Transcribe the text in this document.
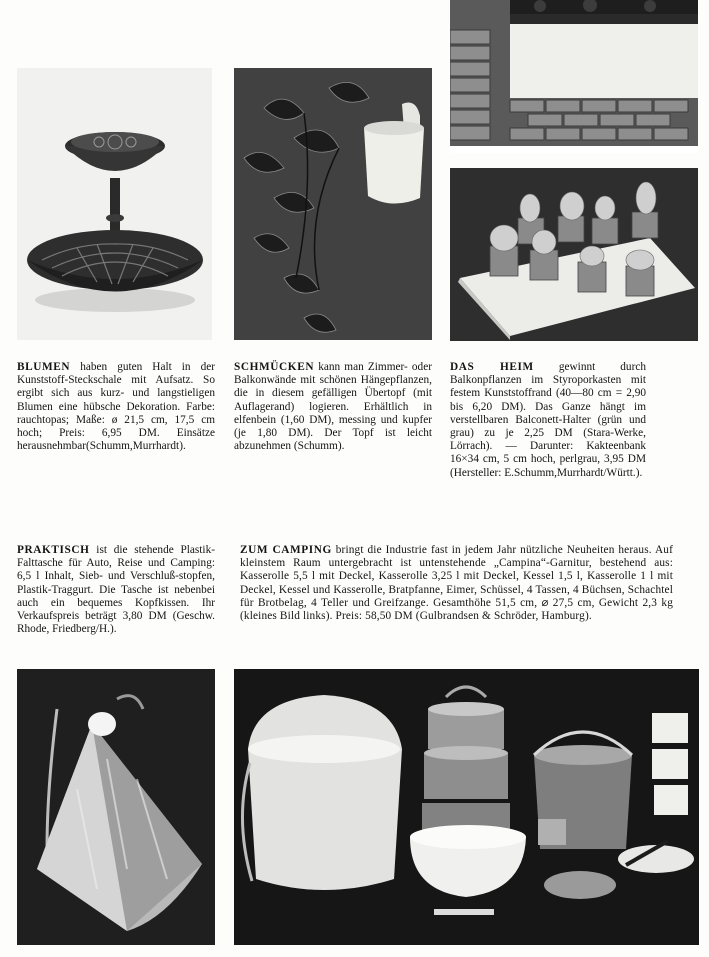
BLUMEN haben guten Halt in der Kunststoff-Steckschale mit Aufsatz. So ergibt sich aus kurz- und langstieligen Blumen eine hübsche Dekoration. Farbe: rauchtopas; Maße: ø 21,5 cm, 17,5 cm hoch; Preis: 6,95 DM. Einsätze herausnehmbar(Schumm,Murrhardt).

SCHMÜCKEN kann man Zimmer- oder Balkonwände mit schönen Hängepflanzen, die in diesem gefälligen Übertopf (mit Auflagerand) logieren. Erhältlich in elfenbein (1,60 DM), messing und kupfer (je 1,80 DM). Der Topf ist leicht abzunehmen (Schumm).

DAS HEIM gewinnt durch Balkonpflanzen im Styroporkasten mit festem Kunststoffrand (40—80 cm = 2,90 bis 6,20 DM). Das Ganze hängt im verstellbaren Balconett-Halter (grün und grau) zu je 2,25 DM (Stara-Werke, Lörrach). — Darunter: Kakteenbank 16×34 cm, 5 cm hoch, perlgrau, 3,95 DM (Hersteller: E.Schumm,Murrhardt/Württ.).

PRAKTISCH ist die stehende Plastik-Falttasche für Auto, Reise und Camping: 6,5 l Inhalt, Sieb- und Verschluß-stopfen, Plastik-Traggurt. Die Tasche ist nebenbei auch ein bequemes Kopfkissen. Ihr Verkaufspreis beträgt 3,80 DM (Geschw. Rhode, Friedberg/H.).

ZUM CAMPING bringt die Industrie fast in jedem Jahr nützliche Neuheiten heraus. Auf kleinstem Raum untergebracht ist untenstehende „Campina“-Garnitur, bestehend aus: Kasserolle 5,5 l mit Deckel, Kasserolle 3,25 l mit Deckel, Kessel 1,5 l, Kasserolle 1 l mit Deckel, Kessel und Kasserolle, Bratpfanne, Eimer, Schüssel, 4 Tassen, 4 Büchsen, Schachtel für Brotbelag, 4 Teller und Greifzange. Gesamthöhe 51,5 cm, ⌀ 27,5 cm, Gewicht 2,3 kg (kleines Bild links). Preis: 58,50 DM (Gulbrandsen & Schröder, Hamburg).
